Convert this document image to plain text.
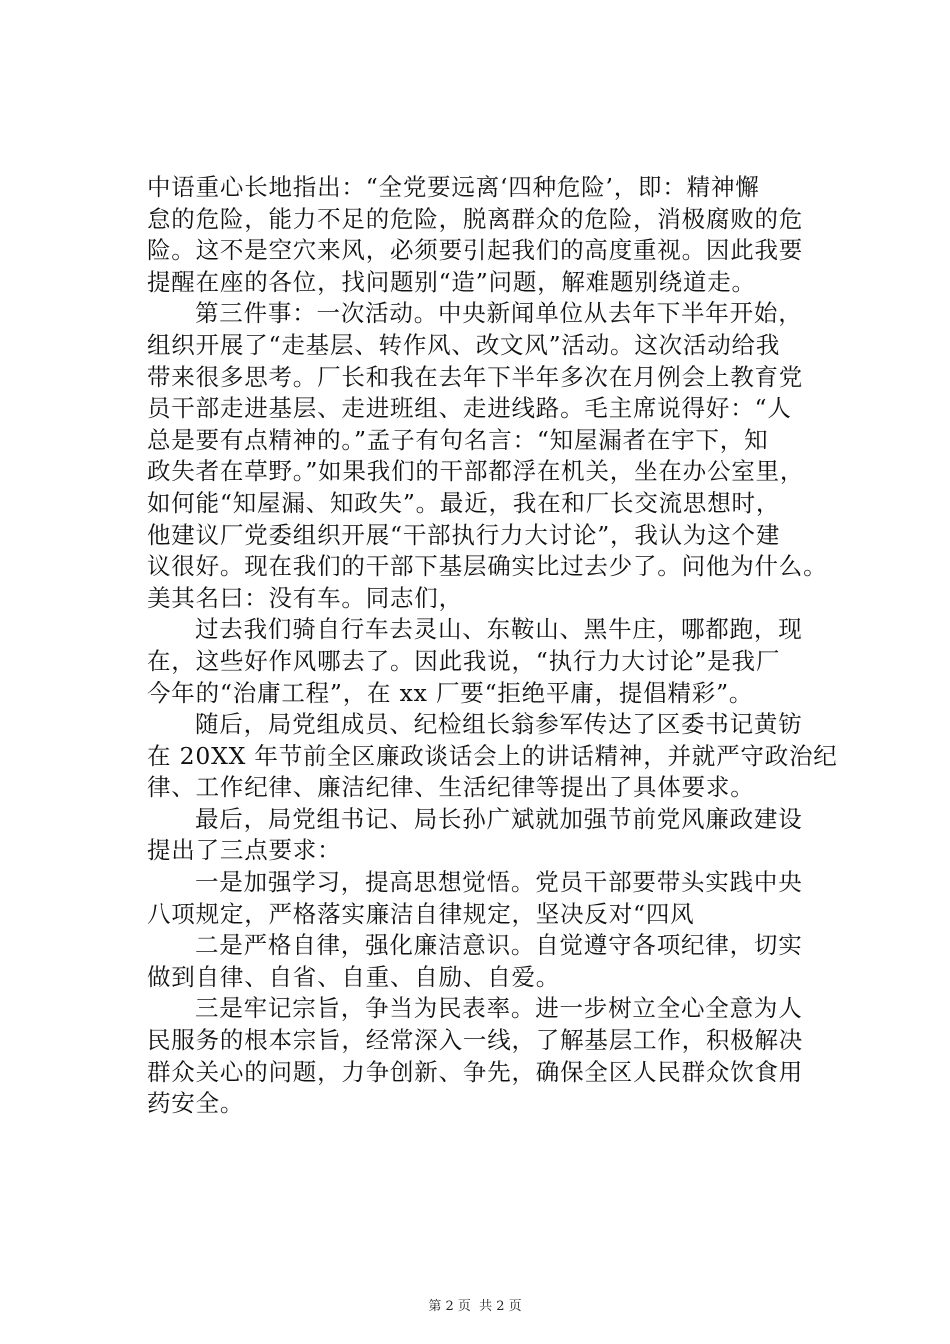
中语重心长地指出：“全党要远离‘四种危险’，即：精神懈
怠的危险，能力不足的危险，脱离群众的危险，消极腐败的危
险。这不是空穴来风，必须要引起我们的高度重视。因此我要
提醒在座的各位，找问题别“造”问题，解难题别绕道走。
第三件事：一次活动。中央新闻单位从去年下半年开始，
组织开展了“走基层、转作风、改文风”活动。这次活动给我
带来很多思考。厂长和我在去年下半年多次在月例会上教育党
员干部走进基层、走进班组、走进线路。毛主席说得好：“人
总是要有点精神的。”孟子有句名言：“知屋漏者在宇下，知
政失者在草野。”如果我们的干部都浮在机关，坐在办公室里，
如何能“知屋漏、知政失”。最近，我在和厂长交流思想时，
他建议厂党委组织开展“干部执行力大讨论”，我认为这个建
议很好。现在我们的干部下基层确实比过去少了。问他为什么。
美其名曰：没有车。同志们，
过去我们骑自行车去灵山、东鞍山、黑牛庄，哪都跑，现
在，这些好作风哪去了。因此我说，“执行力大讨论”是我厂
今年的“治庸工程”，在 xx 厂要“拒绝平庸，提倡精彩”。
随后，局党组成员、纪检组长翁参军传达了区委书记黄钫
在 20XX 年节前全区廉政谈话会上的讲话精神，并就严守政治纪
律、工作纪律、廉洁纪律、生活纪律等提出了具体要求。
最后，局党组书记、局长孙广斌就加强节前党风廉政建设
提出了三点要求：
一是加强学习，提高思想觉悟。党员干部要带头实践中央
八项规定，严格落实廉洁自律规定，坚决反对“四风
二是严格自律，强化廉洁意识。自觉遵守各项纪律，切实
做到自律、自省、自重、自励、自爱。
三是牢记宗旨，争当为民表率。进一步树立全心全意为人
民服务的根本宗旨，经常深入一线，了解基层工作，积极解决
群众关心的问题，力争创新、争先，确保全区人民群众饮食用
药安全。
第 2 页  共 2 页
